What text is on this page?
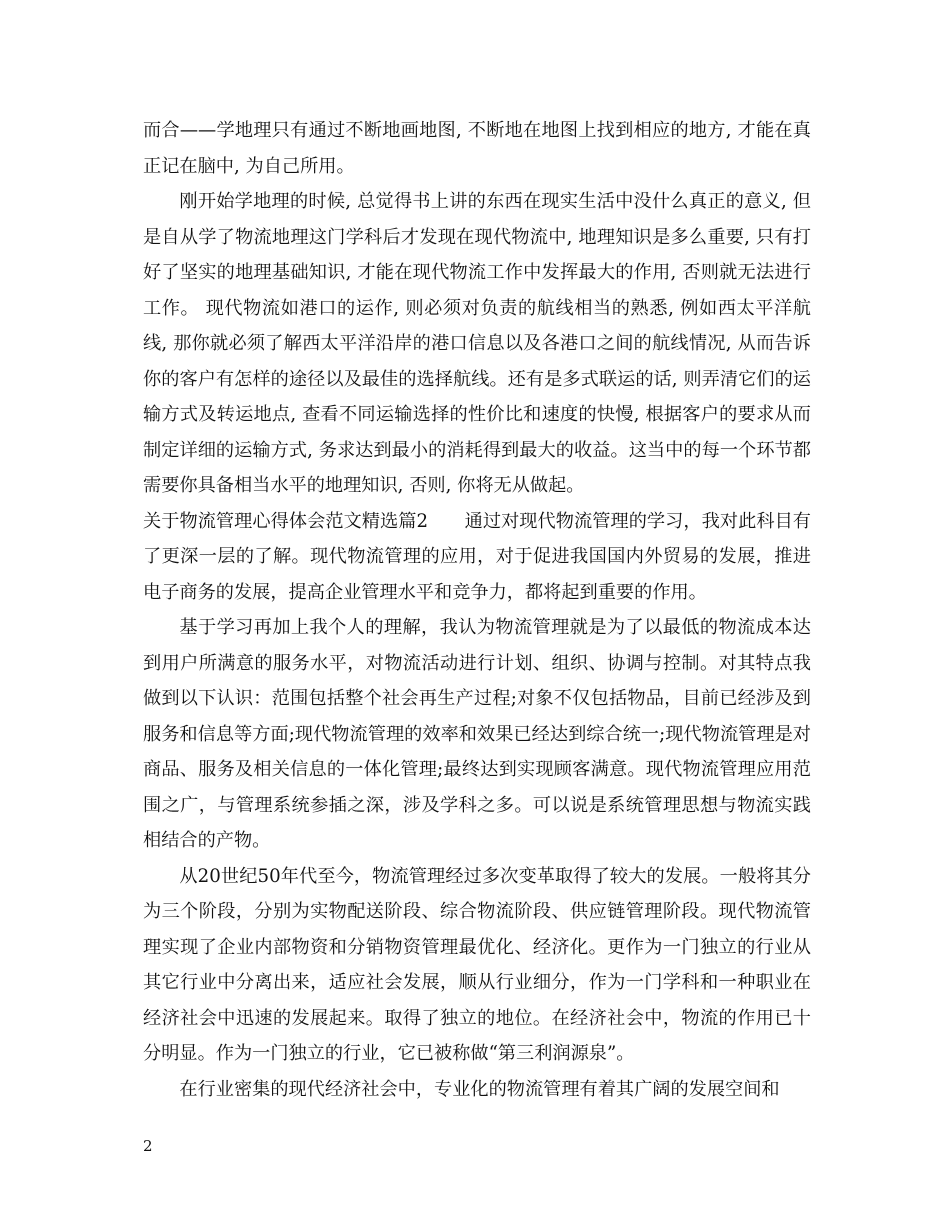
而合——学地理只有通过不断地画地图, 不断地在地图上找到相应的地方, 才能在真正记在脑中, 为自己所用。

刚开始学地理的时候, 总觉得书上讲的东西在现实生活中没什么真正的意义, 但是自从学了物流地理这门学科后才发现在现代物流中, 地理知识是多么重要, 只有打好了坚实的地理基础知识, 才能在现代物流工作中发挥最大的作用, 否则就无法进行工作。 现代物流如港口的运作, 则必须对负责的航线相当的熟悉, 例如西太平洋航线, 那你就必须了解西太平洋沿岸的港口信息以及各港口之间的航线情况, 从而告诉你的客户有怎样的途径以及最佳的选择航线。还有是多式联运的话, 则弄清它们的运输方式及转运地点, 查看不同运输选择的性价比和速度的快慢, 根据客户的要求从而制定详细的运输方式, 务求达到最小的消耗得到最大的收益。这当中的每一个环节都需要你具备相当水平的地理知识, 否则, 你将无从做起。

关于物流管理心得体会范文精选篇2　　通过对现代物流管理的学习，我对此科目有了更深一层的了解。现代物流管理的应用，对于促进我国国内外贸易的发展，推进电子商务的发展，提高企业管理水平和竞争力，都将起到重要的作用。

基于学习再加上我个人的理解，我认为物流管理就是为了以最低的物流成本达到用户所满意的服务水平，对物流活动进行计划、组织、协调与控制。对其特点我做到以下认识：范围包括整个社会再生产过程;对象不仅包括物品，目前已经涉及到服务和信息等方面;现代物流管理的效率和效果已经达到综合统一;现代物流管理是对商品、服务及相关信息的一体化管理;最终达到实现顾客满意。现代物流管理应用范围之广，与管理系统参插之深，涉及学科之多。可以说是系统管理思想与物流实践相结合的产物。

从20世纪50年代至今，物流管理经过多次变革取得了较大的发展。一般将其分为三个阶段，分别为实物配送阶段、综合物流阶段、供应链管理阶段。现代物流管理实现了企业内部物资和分销物资管理最优化、经济化。更作为一门独立的行业从其它行业中分离出来，适应社会发展，顺从行业细分，作为一门学科和一种职业在经济社会中迅速的发展起来。取得了独立的地位。在经济社会中，物流的作用已十分明显。作为一门独立的行业，它已被称做“第三利润源泉”。

在行业密集的现代经济社会中，专业化的物流管理有着其广阔的发展空间和

2
